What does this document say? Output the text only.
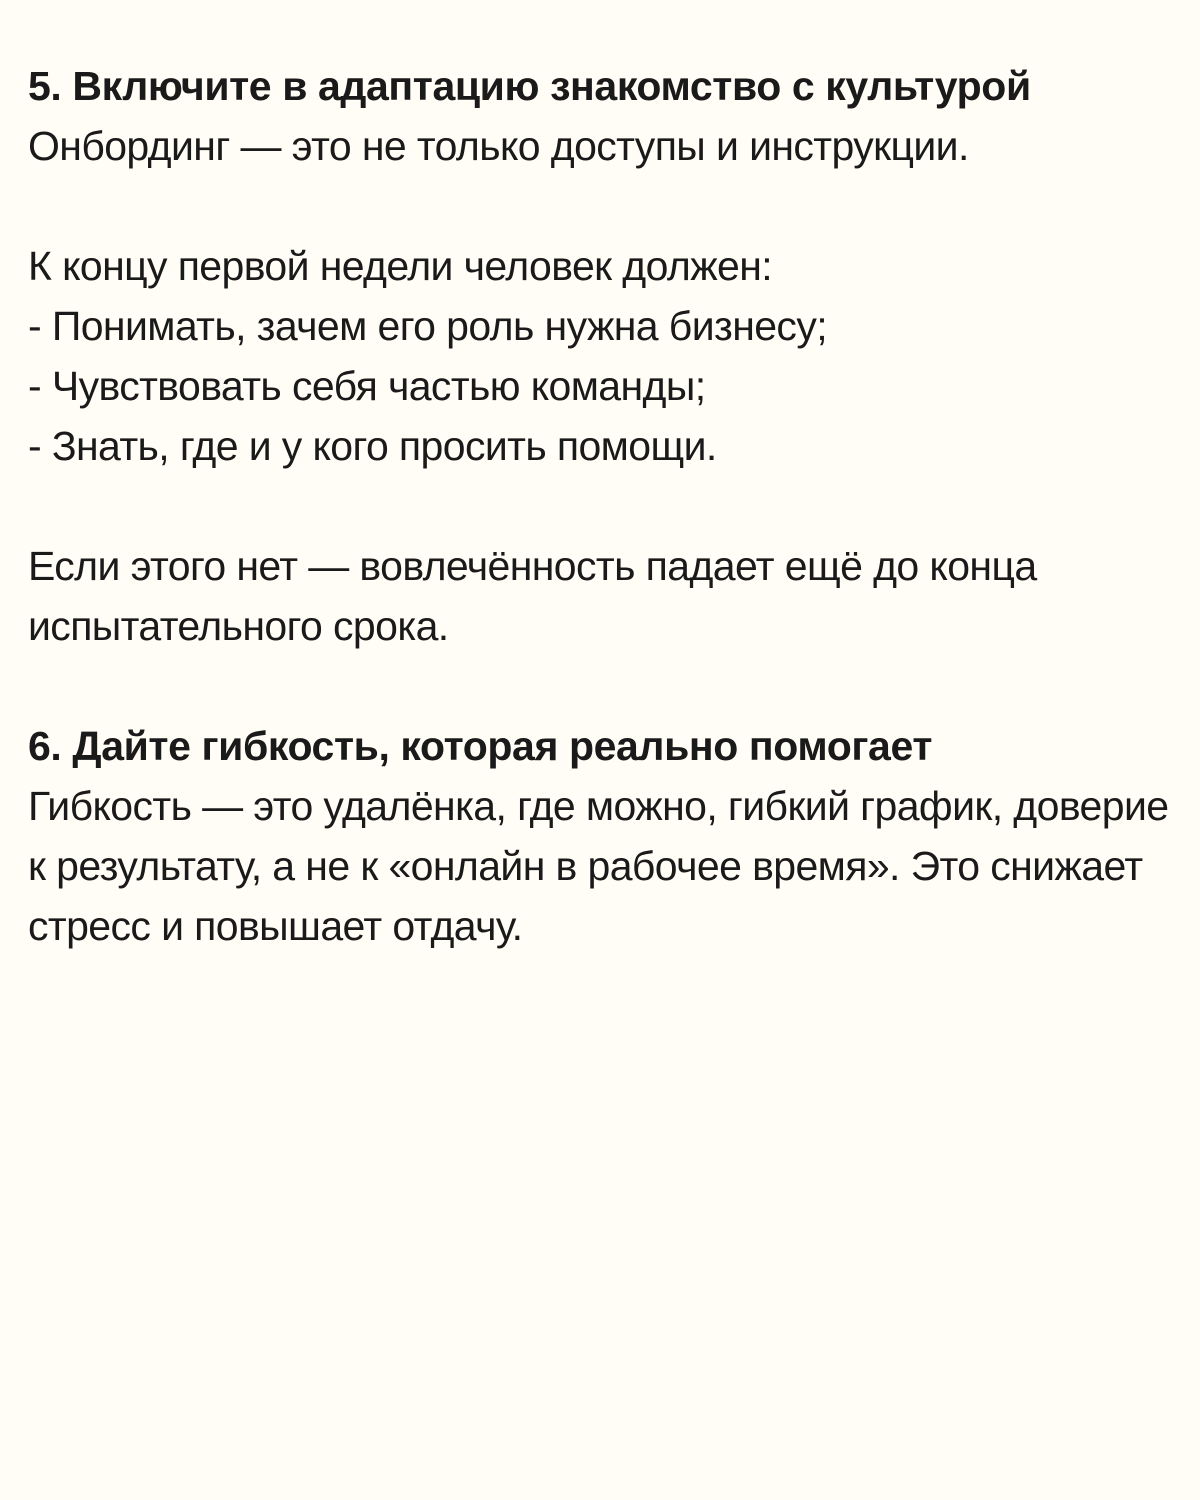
5. Включите в адаптацию знакомство с культурой

Онбординг — это не только доступы и инструкции.

К концу первой недели человек должен:

- Понимать, зачем его роль нужна бизнесу;
- Чувствовать себя частью команды;
- Знать, где и у кого просить помощи.

Если этого нет — вовлечённость падает ещё до конца испытательного срока.

6. Дайте гибкость, которая реально помогает

Гибкость — это удалёнка, где можно, гибкий график, доверие к результату, а не к «онлайн в рабочее время». Это снижает стресс и повышает отдачу.
